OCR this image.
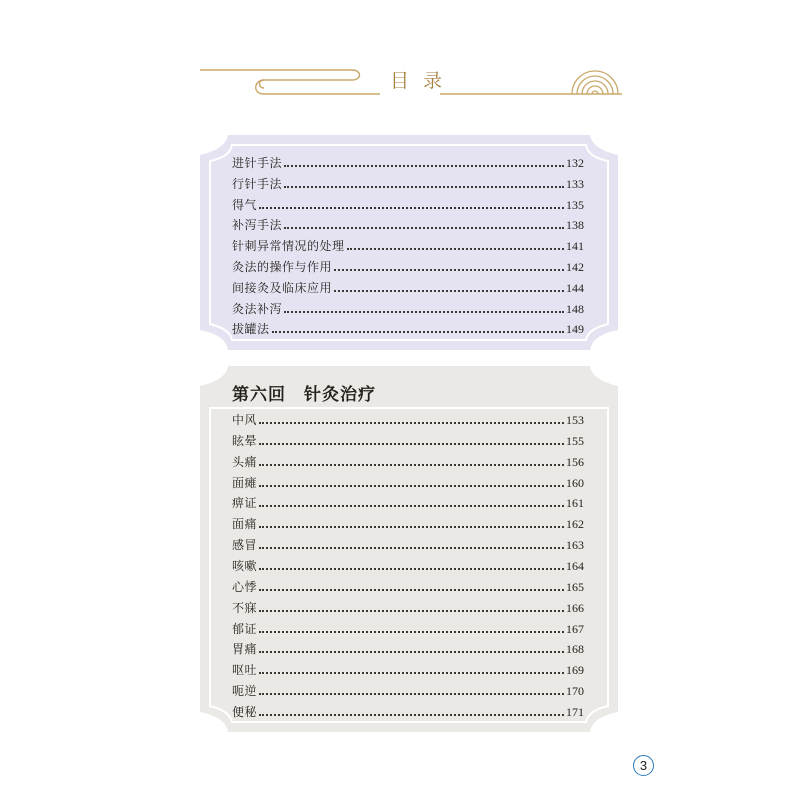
目录
进针手法	132
行针手法	133
得气	135
补泻手法	138
针刺异常情况的处理	141
灸法的操作与作用	142
间接灸及临床应用	144
灸法补泻	148
拔罐法	149
第六回　针灸治疗
中风	153
眩晕	155
头痛	156
面瘫	160
痹证	161
面痛	162
感冒	163
咳嗽	164
心悸	165
不寐	166
郁证	167
胃痛	168
呕吐	169
呃逆	170
便秘	171
3
